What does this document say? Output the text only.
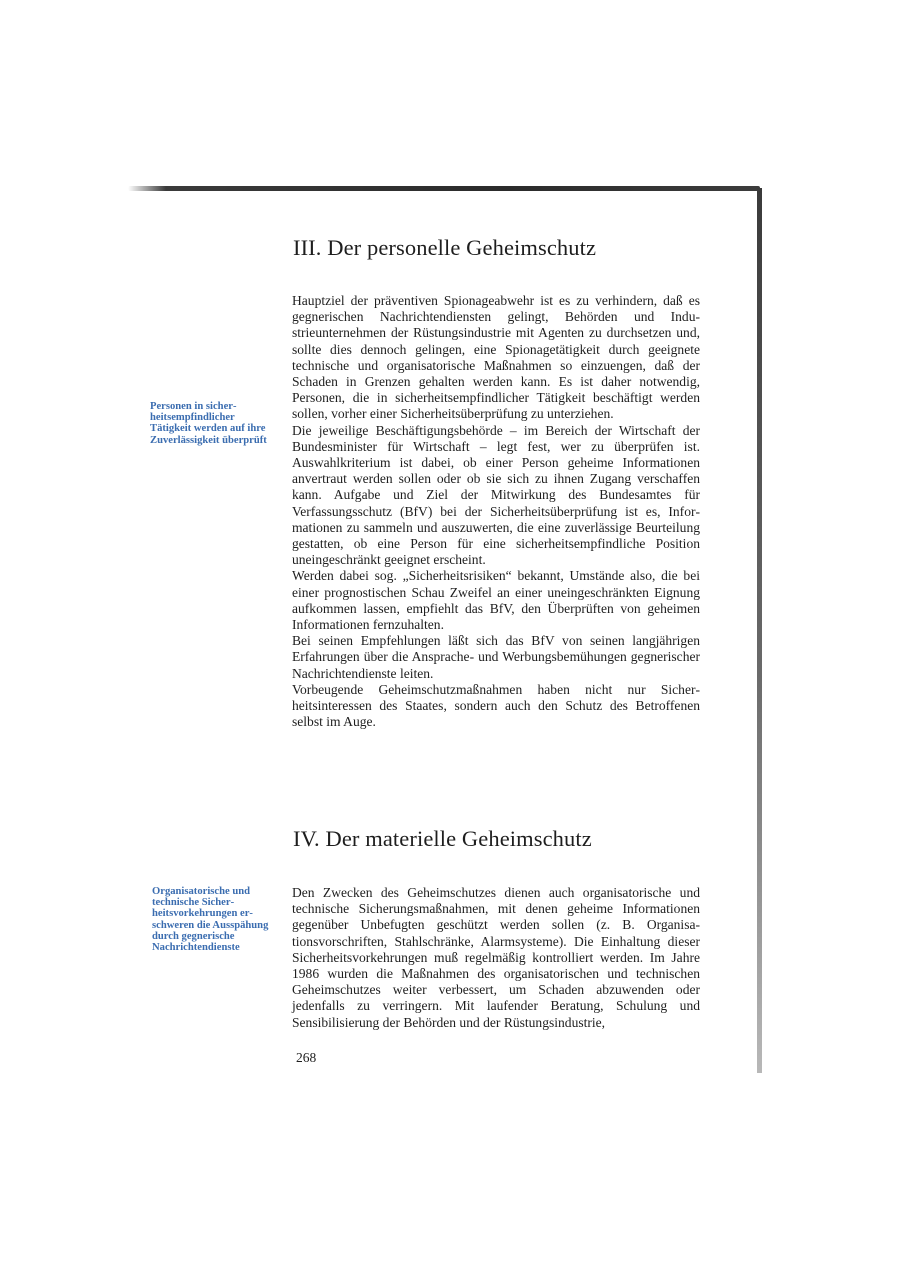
III. Der personelle Geheimschutz
Personen in sicherheitsempfindlicher Tätigkeit werden auf ihre Zuverlässigkeit überprüft

Hauptziel der präventiven Spionageabwehr ist es zu verhindern, daß es gegnerischen Nachrichtendiensten gelingt, Behörden und Industrieunternehmen der Rüstungsindustrie mit Agenten zu durchsetzen und, sollte dies dennoch gelingen, eine Spionagetätigkeit durch geeignete technische und organisatorische Maßnahmen so einzuengen, daß der Schaden in Grenzen gehalten werden kann. Es ist daher notwendig, Personen, die in sicherheitsempfindlicher Tätigkeit beschäftigt werden sollen, vorher einer Sicherheitsüberprüfung zu unterziehen.

Die jeweilige Beschäftigungsbehörde – im Bereich der Wirtschaft der Bundesminister für Wirtschaft – legt fest, wer zu überprüfen ist. Auswahlkriterium ist dabei, ob einer Person geheime Informationen anvertraut werden sollen oder ob sie sich zu ihnen Zugang verschaffen kann. Aufgabe und Ziel der Mitwirkung des Bundesamtes für Verfassungsschutz (BfV) bei der Sicherheitsüberprüfung ist es, Informationen zu sammeln und auszuwerten, die eine zuverlässige Beurteilung gestatten, ob eine Person für eine sicherheitsempfindliche Position uneingeschränkt geeignet erscheint.

Werden dabei sog. „Sicherheitsrisiken“ bekannt, Umstände also, die bei einer prognostischen Schau Zweifel an einer uneingeschränkten Eignung aufkommen lassen, empfiehlt das BfV, den Überprüften von geheimen Informationen fernzuhalten.

Bei seinen Empfehlungen läßt sich das BfV von seinen langjährigen Erfahrungen über die Ansprache- und Werbungsbemühungen gegnerischer Nachrichtendienste leiten.

Vorbeugende Geheimschutzmaßnahmen haben nicht nur Sicherheitsinteressen des Staates, sondern auch den Schutz des Betroffenen selbst im Auge.

IV. Der materielle Geheimschutz
Organisatorische und technische Sicherheitsvorkehrungen erschweren die Ausspähung durch gegnerische Nachrichtendienste

Den Zwecken des Geheimschutzes dienen auch organisatorische und technische Sicherungsmaßnahmen, mit denen geheime Informationen gegenüber Unbefugten geschützt werden sollen (z. B. Organisationsvorschriften, Stahlschränke, Alarmsysteme). Die Einhaltung dieser Sicherheitsvorkehrungen muß regelmäßig kontrolliert werden. Im Jahre 1986 wurden die Maßnahmen des organisatorischen und technischen Geheimschutzes weiter verbessert, um Schaden abzuwenden oder jedenfalls zu verringern. Mit laufender Beratung, Schulung und Sensibilisierung der Behörden und der Rüstungsindustrie,

268
